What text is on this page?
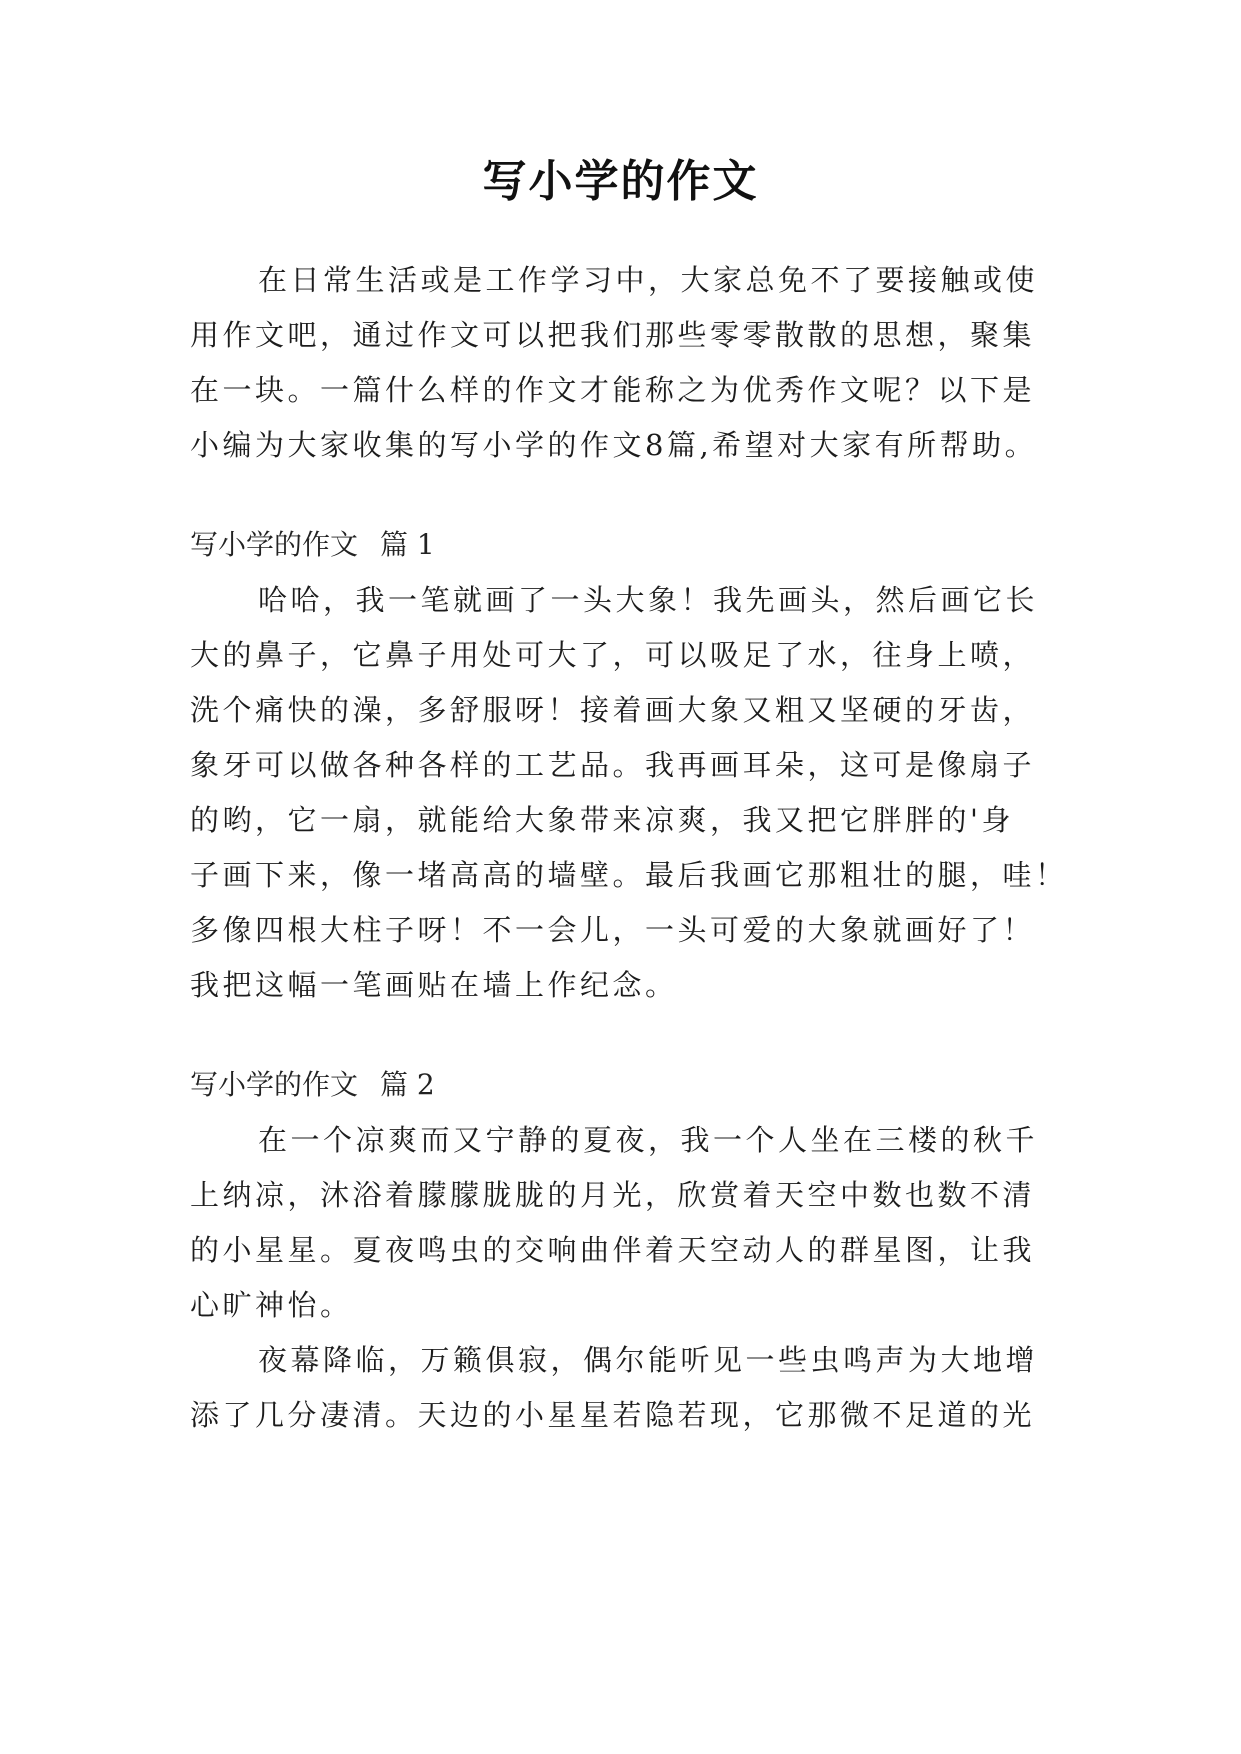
写小学的作文
在日常生活或是工作学习中，大家总免不了要接触或使
用作文吧，通过作文可以把我们那些零零散散的思想，聚集
在一块。一篇什么样的作文才能称之为优秀作文呢？以下是
小编为大家收集的写小学的作文8篇,希望对大家有所帮助。
写小学的作文 篇 1
哈哈，我一笔就画了一头大象！我先画头，然后画它长
大的鼻子，它鼻子用处可大了，可以吸足了水，往身上喷，
洗个痛快的澡，多舒服呀！接着画大象又粗又坚硬的牙齿，
象牙可以做各种各样的工艺品。我再画耳朵，这可是像扇子
的哟，它一扇，就能给大象带来凉爽，我又把它胖胖的'身
子画下来，像一堵高高的墙壁。最后我画它那粗壮的腿，哇！
多像四根大柱子呀！不一会儿，一头可爱的大象就画好了！
我把这幅一笔画贴在墙上作纪念。
写小学的作文 篇 2
在一个凉爽而又宁静的夏夜，我一个人坐在三楼的秋千
上纳凉，沐浴着朦朦胧胧的月光，欣赏着天空中数也数不清
的小星星。夏夜鸣虫的交响曲伴着天空动人的群星图，让我
心旷神怡。
夜幕降临，万籁俱寂，偶尔能听见一些虫鸣声为大地增
添了几分凄清。天边的小星星若隐若现，它那微不足道的光
